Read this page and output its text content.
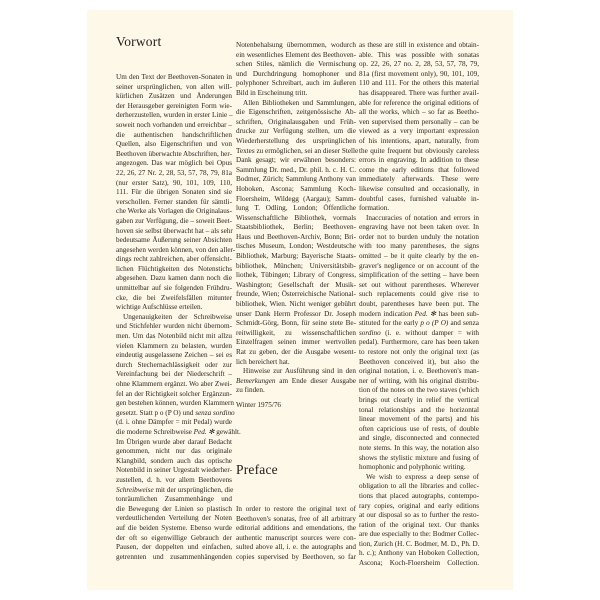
Vorwort
Um den Text der Beethoven-Sonaten in
seiner ursprünglichen, von allen will-
kürlichen Zusätzen und Änderungen
der Herausgeber gereinigten Form wie-
derherzustellen, wurden in erster Linie –
soweit noch vorhanden und erreichbar –
die authentischen handschriftlichen
Quellen, also Eigenschriften und von
Beethoven überwachte Abschriften, her-
angezogen. Das war möglich bei Opus
22, 26, 27 Nr. 2, 28, 53, 57, 78, 79, 81a
(nur erster Satz), 90, 101, 109, 110,
111. Für die übrigen Sonaten sind sie
verschollen. Ferner standen für sämtli-
che Werke als Vorlagen die Originalaus-
gaben zur Verfügung, die – soweit Beet-
hoven sie selbst überwacht hat – als sehr
bedeutsame Äußerung seiner Absichten
angesehen werden können, von den aller-
dings recht zahlreichen, aber offensicht-
lichen Flüchtigkeiten des Notenstichs
abgesehen. Dazu kamen dann noch die
unmittelbar auf sie folgenden Frühdru-
cke, die bei Zweifelsfällen mitunter
wichtige Aufschlüsse erteilen.
Ungenauigkeiten der Schreibweise
und Stichfehler wurden nicht übernom-
men. Um das Notenbild nicht mit allzu
vielen Klammern zu belasten, wurden
eindeutig ausgelassene Zeichen – sei es
durch Stechernachlässigkeit oder zur
Vereinfachung bei der Niederschrift –
ohne Klammern ergänzt. Wo aber Zwei-
fel an der Richtigkeit solcher Ergänzun-
gen bestehen können, wurden Klammern
gesetzt. Statt p o (P O) und senza sordino
(d. i. ohne Dämpfer = mit Pedal) wurde
die moderne Schreibweise Ped. ✻ gewählt.
Im Übrigen wurde aber darauf Bedacht
genommen, nicht nur das originale
Klangbild, sondern auch das optische
Notenbild in seiner Urgestalt wiederher-
zustellen, d. h. vor allem Beethovens
Schreibweise mit der ursprünglichen, die
tonräumlichen Zusammenhänge und
die Bewegung der Linien so plastisch
verdeutlichenden Verteilung der Noten
auf die beiden Systeme. Ebenso wurde
der oft so eigenwillige Gebrauch der
Pausen, der doppelten und einfachen,
getrennten und zusammenhängenden
Notenbehalsung übernommen, wodurch
ein wesentliches Element des Beethoven-
schen Stiles, nämlich die Vermischung
und Durchdringung homophoner und
polyphoner Schreibart, auch im äußeren
Bild in Erscheinung tritt.
Allen Bibliotheken und Sammlungen,
die Eigenschriften, zeitgenössische Ab-
schriften, Originalausgaben und Früh-
drucke zur Verfügung stellten, um die
Wiederherstellung des ursprünglichen
Textes zu ermöglichen, sei an dieser Stelle
Dank gesagt; wir erwähnen besonders:
Sammlung Dr. med., Dr. phil. h. c. H. C.
Bodmer, Zürich; Sammlung Anthony van
Hoboken, Ascona; Sammlung Koch-
Floersheim, Wildegg (Aargau); Samm-
lung T. Odling, London; Öffentliche
Wissenschaftliche Bibliothek, vormals
Staatsbibliothek, Berlin; Beethoven-
Haus und Beethoven-Archiv, Bonn; Bri-
tisches Museum, London; Westdeutsche
Bibliothek, Marburg; Bayerische Staats-
bibliothek, München; Universitätsbib-
liothek, Tübingen; Library of Congress,
Washington; Gesellschaft der Musik-
freunde, Wien; Österreichische National-
bibliothek, Wien. Nicht weniger gebührt
unser Dank Herrn Professor Dr. Joseph
Schmidt-Görg, Bonn, für seine stete Be-
reitwilligkeit, zu wissenschaftlichen
Einzelfragen seinen immer wertvollen
Rat zu geben, der die Ausgabe wesent-
lich bereichert hat.
Hinweise zur Ausführung sind in den
Bemerkungen am Ende dieser Ausgabe
zu finden.
Winter 1975/76
Preface
In order to restore the original text of
Beethoven's sonatas, free of all arbitrary
editorial additions and emendations, the
authentic manuscript sources were con-
sulted above all, i. e. the autographs and
copies supervised by Beethoven, so far
as these are still in existence and obtain-
able. This was possible with sonatas
op. 22, 26, 27 no. 2, 28, 53, 57, 78, 79,
81a (first movement only), 90, 101, 109,
110 and 111. For the others this material
has disappeared. There was further avail-
able for reference the original editions of
all the works, which – so far as Beetho-
ven supervised them personally – can be
viewed as a very important expression
of his intentions, apart, naturally, from
the quite frequent but obviously careless
errors in engraving. In addition to these
come the early editions that followed
immediately afterwards. These were
likewise consulted and occasionally, in
doubtful cases, furnished valuable in-
formation.
Inaccuracies of notation and errors in
engraving have not been taken over. In
order not to burden unduly the notation
with too many parentheses, the signs
omitted – be it quite clearly by the en-
graver's negligence or on account of the
simplification of the setting – have been
set out without parentheses. Wherever
such replacements could give rise to
doubt, parentheses have been put. The
modern indication Ped. ✻ has been sub-
stituted for the early p o (P O) and senza
sordino (i. e. without damper = with
pedal). Furthermore, care has been taken
to restore not only the original text (as
Beethoven conceived it), but also the
original notation, i. e. Beethoven's man-
ner of writing, with his original distribu-
tion of the notes on the two staves (which
brings out clearly in relief the vertical
tonal relationships and the horizontal
linear movement of the parts) and his
often capricious use of rests, of double
and single, disconnected and connected
note stems. In this way, the notation also
shows the stylistic mixture and fusing of
homophonic and polyphonic writing.
We wish to express a deep sense of
obligation to all the libraries and collec-
tions that placed autographs, contempo-
rary copies, original and early editions
at our disposal so as to further the resto-
ration of the original text. Our thanks
are due especially to the: Bodmer Collec-
tion, Zurich (H. C. Bodmer, M. D., Ph. D.
h. c.); Anthony van Hoboken Collection,
Ascona; Koch-Floersheim Collection.
